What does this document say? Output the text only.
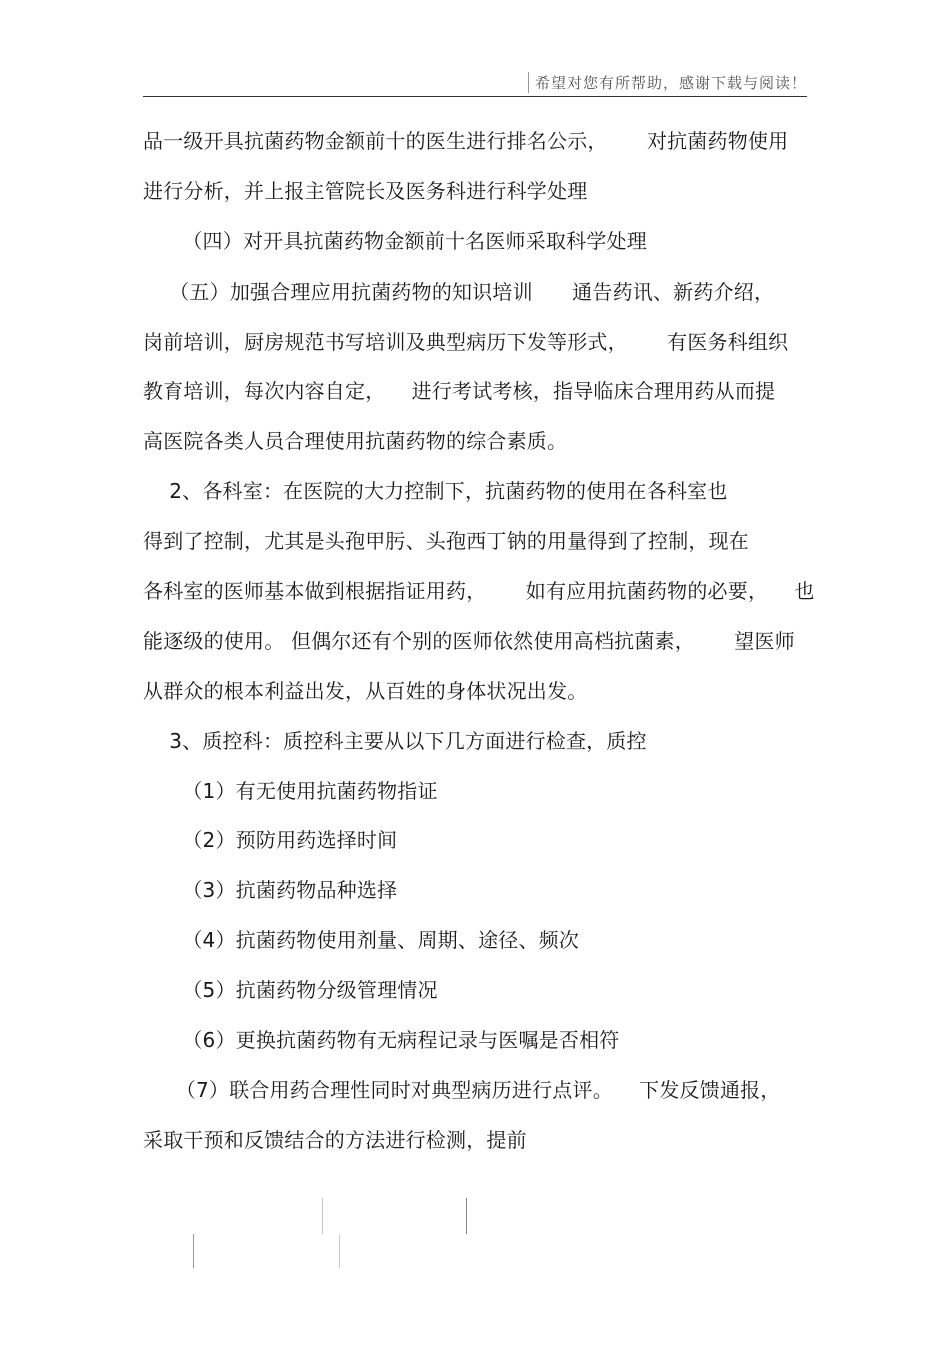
希望对您有所帮助，感谢下载与阅读！
品一级开具抗菌药物金额前十的医生进行排名公示，      对抗菌药物使用
进行分析，并上报主管院长及医务科进行科学处理
（四）对开具抗菌药物金额前十名医师采取科学处理
（五）加强合理应用抗菌药物的知识培训      通告药讯、新药介绍，
岗前培训，厨房规范书写培训及典型病历下发等形式，      有医务科组织
教育培训，每次内容自定，    进行考试考核，指导临床合理用药从而提
高医院各类人员合理使用抗菌药物的综合素质。
2、各科室：在医院的大力控制下，抗菌药物的使用在各科室也
得到了控制，尤其是头孢甲肟、头孢西丁钠的用量得到了控制，现在
各科室的医师基本做到根据指证用药，      如有应用抗菌药物的必要，    也
能逐级的使用。 但偶尔还有个别的医师依然使用高档抗菌素，      望医师
从群众的根本利益出发，从百姓的身体状况出发。
3、质控科：质控科主要从以下几方面进行检查，质控
（1）有无使用抗菌药物指证
（2）预防用药选择时间
（3）抗菌药物品种选择
（4）抗菌药物使用剂量、周期、途径、频次
（5）抗菌药物分级管理情况
（6）更换抗菌药物有无病程记录与医嘱是否相符
（7）联合用药合理性同时对典型病历进行点评。    下发反馈通报，
采取干预和反馈结合的方法进行检测，提前
